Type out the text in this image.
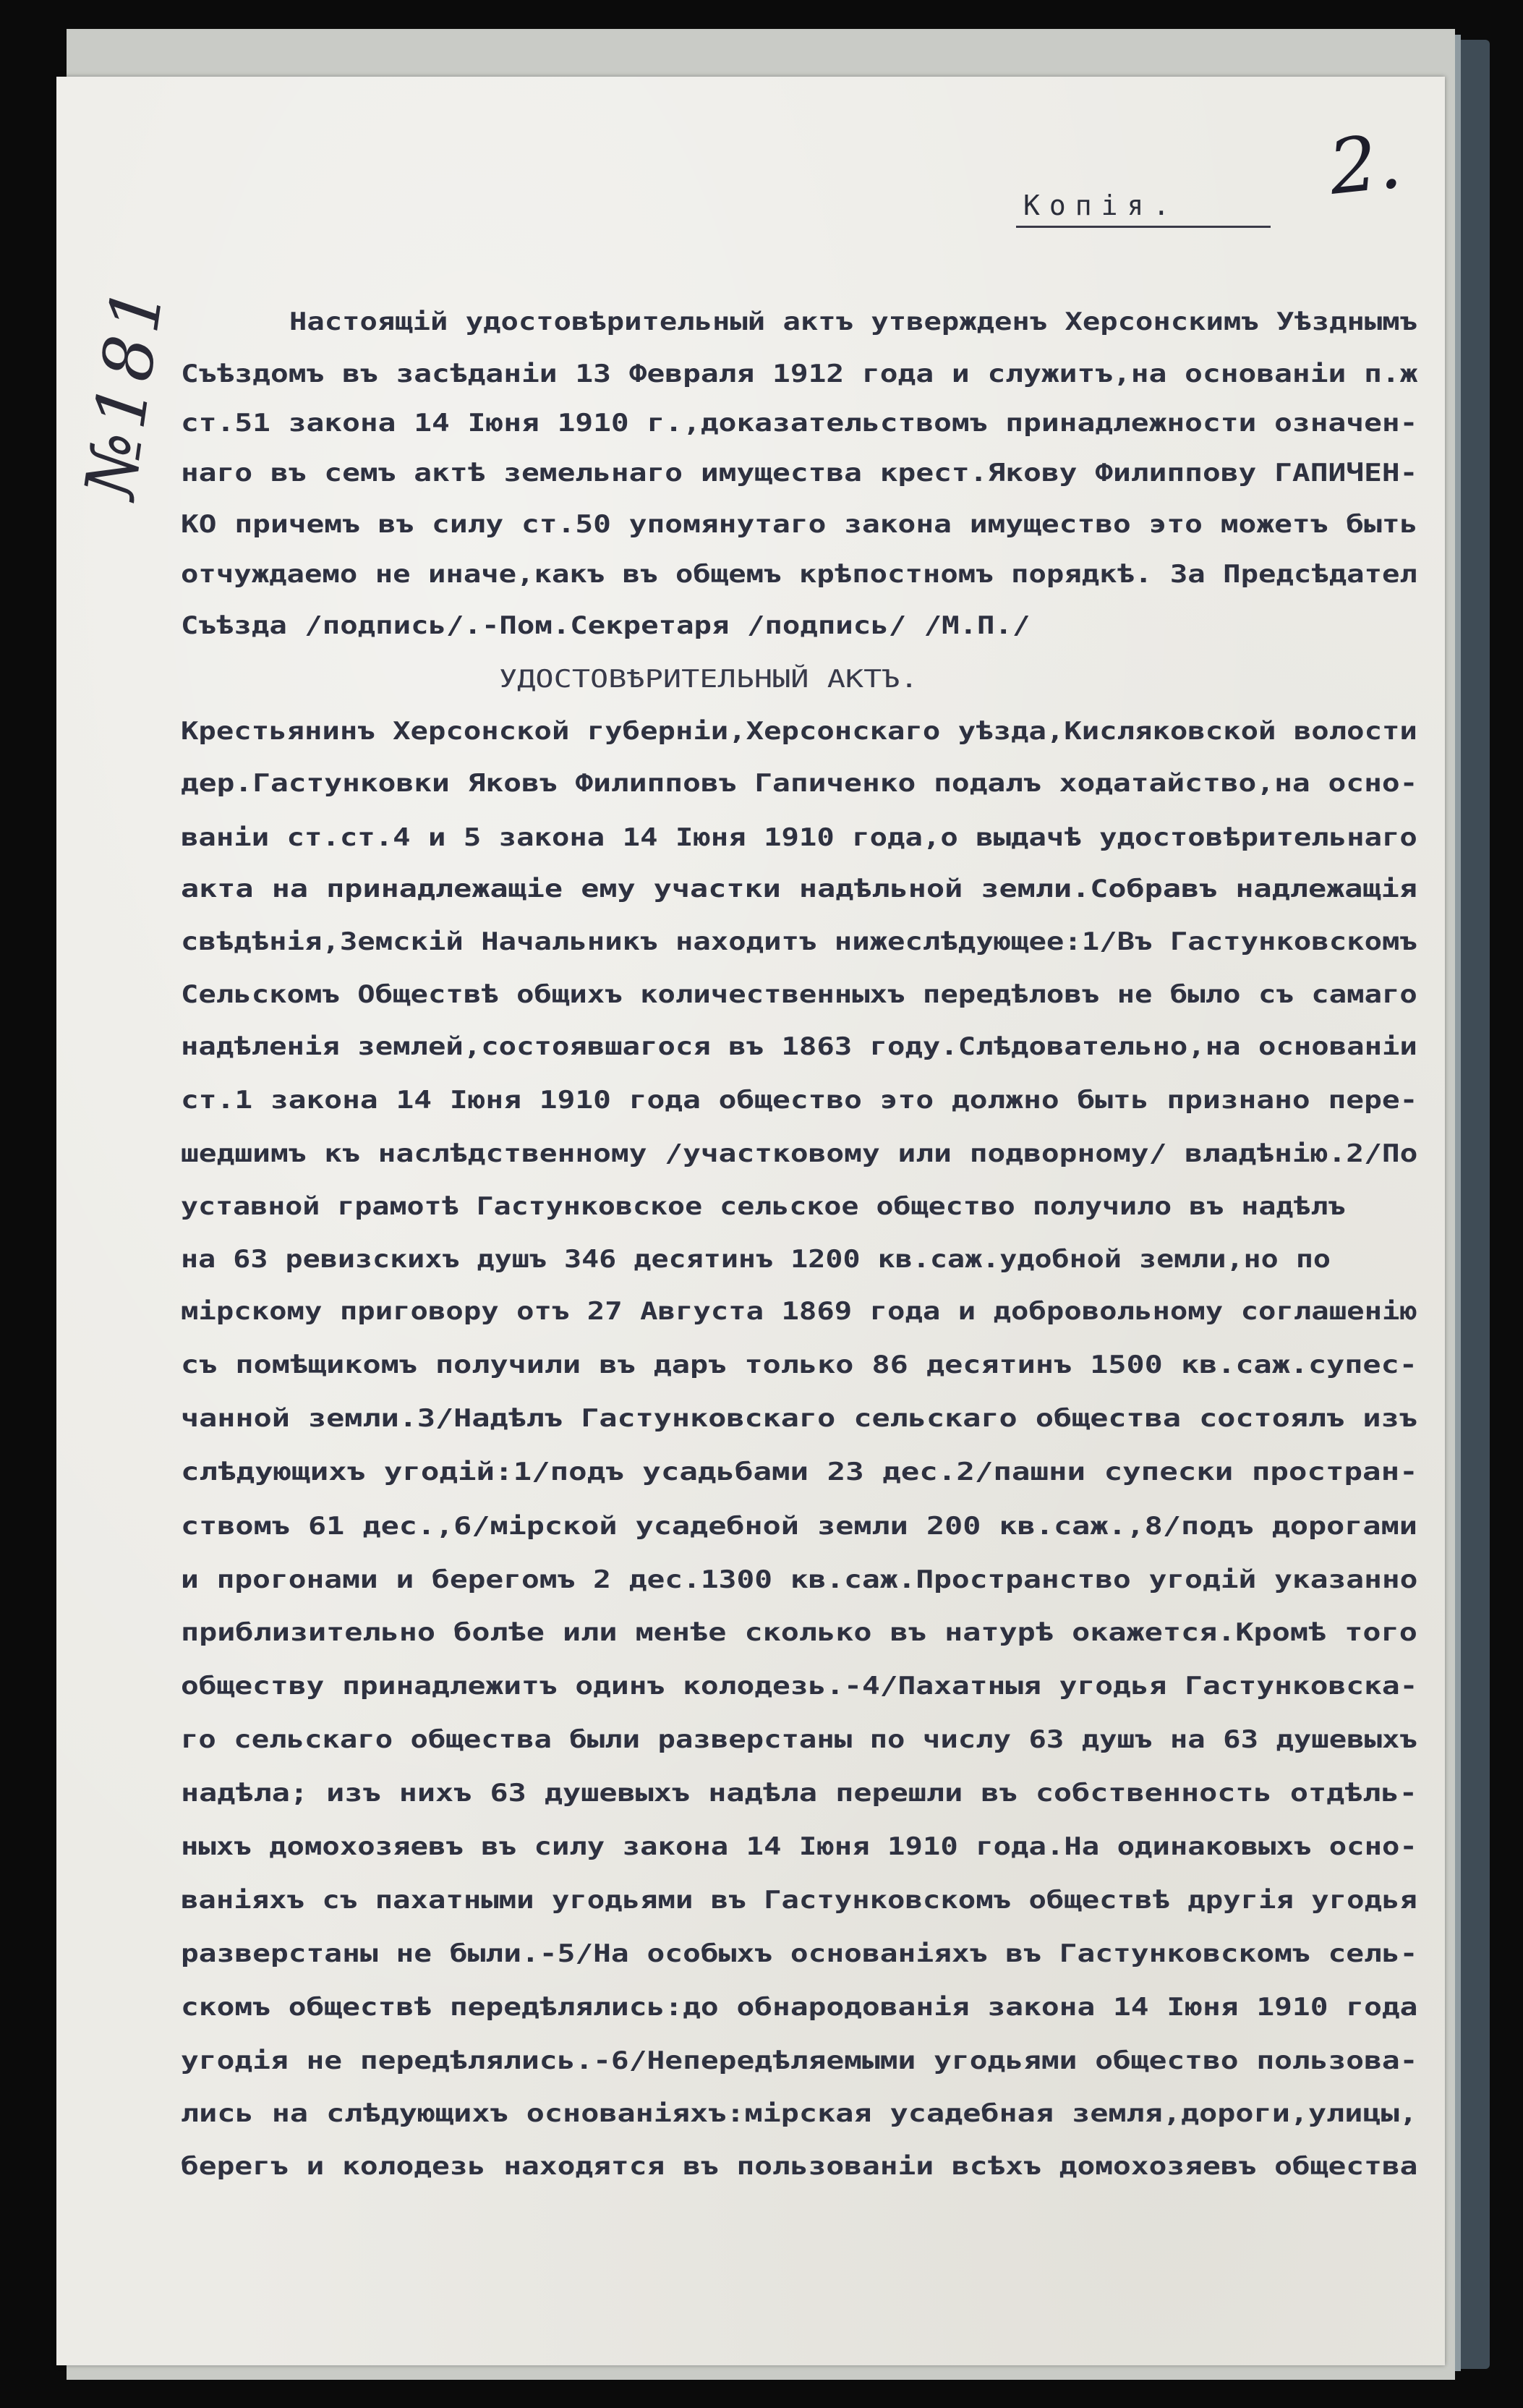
2.
№181
Копія.
Настоящій удостовѣрительный актъ утвержденъ Херсонскимъ Уѣзднымъ
Съѣздомъ въ засѣданіи 13 Февраля 1912 года и служитъ,на основаніи п.ж
ст.51 закона 14 Іюня 1910 г.,доказательствомъ принадлежности означен-
наго въ семъ актѣ земельнаго имущества крест.Якову Филиппову ГАПИЧЕН-
КО причемъ въ силу ст.50 упомянутаго закона имущество это можетъ быть
отчуждаемо не иначе,какъ въ общемъ крѣпостномъ порядкѣ. За Предсѣдател
Съѣзда /подпись/.-Пом.Секретаря /подпись/ /М.П./
УДОСТОВѢРИТЕЛЬНЫЙ АКТЪ.
Крестьянинъ Херсонской губерніи,Херсонскаго уѣзда,Кисляковской волости
дер.Гастунковки Яковъ Филипповъ Гапиченко подалъ ходатайство,на осно-
ваніи ст.ст.4 и 5 закона 14 Іюня 1910 года,о выдачѣ удостовѣрительнаго
акта на принадлежащіе ему участки надѣльной земли.Собравъ надлежащія
свѣдѣнія,Земскій Начальникъ находитъ нижеслѣдующее:1/Въ Гастунковскомъ
Сельскомъ Обществѣ общихъ количественныхъ передѣловъ не было съ самаго
надѣленія землей,состоявшагося въ 1863 году.Слѣдовательно,на основаніи
ст.1 закона 14 Іюня 1910 года общество это должно быть признано пере-
шедшимъ къ наслѣдственному /участковому или подворному/ владѣнію.2/По
уставной грамотѣ Гастунковское сельское общество получило въ надѣлъ
на 63 ревизскихъ душъ 346 десятинъ 1200 кв.саж.удобной земли,но по
мірскому приговору отъ 27 Августа 1869 года и добровольному соглашенію
съ помѣщикомъ получили въ даръ только 86 десятинъ 1500 кв.саж.супес-
чанной земли.3/Надѣлъ Гастунковскаго сельскаго общества состоялъ изъ
слѣдующихъ угодій:1/подъ усадьбами 23 дес.2/пашни супески простран-
ствомъ 61 дес.,6/мірской усадебной земли 200 кв.саж.,8/подъ дорогами
и прогонами и берегомъ 2 дес.1300 кв.саж.Пространство угодій указанно
приблизительно болѣе или менѣе сколько въ натурѣ окажется.Кромѣ того
обществу принадлежитъ одинъ колодезь.-4/Пахатныя угодья Гастунковска-
го сельскаго общества были разверстаны по числу 63 душъ на 63 душевыхъ
надѣла; изъ нихъ 63 душевыхъ надѣла перешли въ собственность отдѣль-
ныхъ домохозяевъ въ силу закона 14 Іюня 1910 года.На одинаковыхъ осно-
ваніяхъ съ пахатными угодьями въ Гастунковскомъ обществѣ другія угодья
разверстаны не были.-5/На особыхъ основаніяхъ въ Гастунковскомъ сель-
скомъ обществѣ передѣлялись:до обнародованія закона 14 Іюня 1910 года
угодія не передѣлялись.-6/Непередѣляемыми угодьями общество пользова-
лись на слѣдующихъ основаніяхъ:мірская усадебная земля,дороги,улицы,
берегъ и колодезь находятся въ пользованіи всѣхъ домохозяевъ общества
